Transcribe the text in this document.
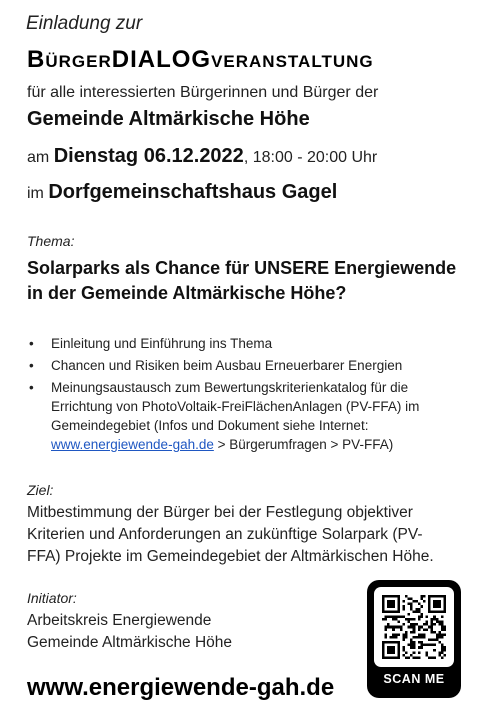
Einladung zur
BÜRGERDIALOGVERANSTALTUNG
für alle interessierten Bürgerinnen und Bürger der
Gemeinde Altmärkische Höhe
am Dienstag 06.12.2022, 18:00 - 20:00 Uhr
im Dorfgemeinschaftshaus Gagel
Thema:
Solarparks als Chance für UNSERE Energiewende
in der Gemeinde Altmärkische Höhe?
• Einleitung und Einführung ins Thema
• Chancen und Risiken beim Ausbau Erneuerbarer Energien
• Meinungsaustausch zum Bewertungskriterienkatalog für die
Errichtung von PhotoVoltaik-FreiFlächenAnlagen (PV-FFA) im
Gemeindegebiet (Infos und Dokument siehe Internet:
www.energiewende-gah.de > Bürgerumfragen > PV-FFA)
Ziel:
Mitbestimmung der Bürger bei der Festlegung objektiver
Kriterien und Anforderungen an zukünftige Solarpark (PV-
FFA) Projekte im Gemeindegebiet der Altmärkischen Höhe.
Initiator:
Arbeitskreis Energiewende
Gemeinde Altmärkische Höhe
www.energiewende-gah.de	SCAN ME
